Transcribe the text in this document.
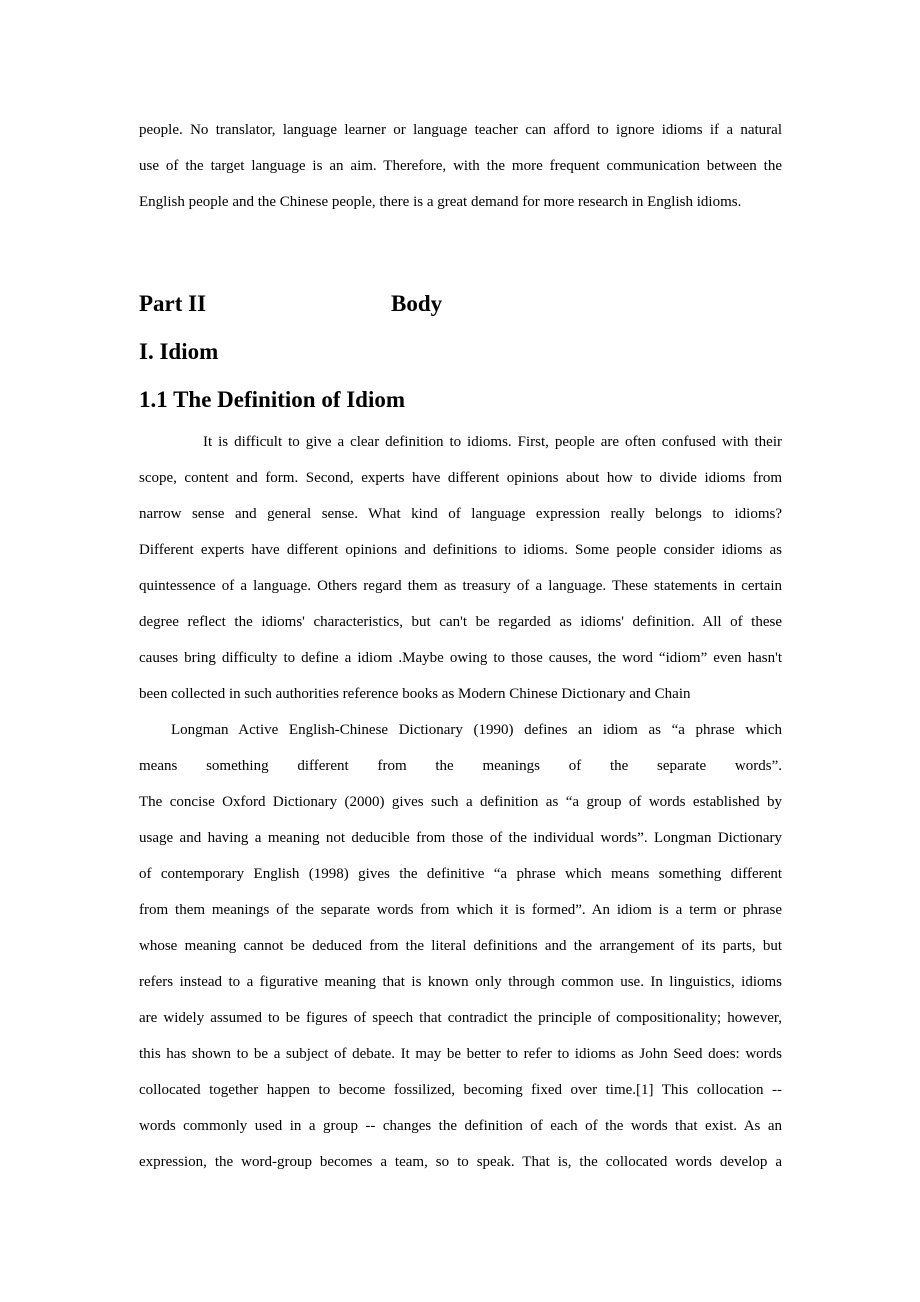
people. No translator, language learner or language teacher can afford to ignore idioms if a natural
use of the target language is an aim. Therefore, with the more frequent communication between the
English people and the Chinese people, there is a great demand for more research in English idioms.
Part II	Body
I. Idiom
1.1 The Definition of Idiom
It is difficult to give a clear definition to idioms. First, people are often confused with their
scope, content and form. Second, experts have different opinions about how to divide idioms from
narrow sense and general sense. What kind of language expression really belongs to idioms?
Different experts have different opinions and definitions to idioms. Some people consider idioms as
quintessence of a language. Others regard them as treasury of a language. These statements in certain
degree reflect the idioms' characteristics, but can't be regarded as idioms' definition. All of these
causes bring difficulty to define a idiom .Maybe owing to those causes, the word “idiom” even hasn't
been collected in such authorities reference books as Modern Chinese Dictionary and Chain
Longman Active English-Chinese Dictionary (1990) defines an idiom as “a phrase which
means something different from the meanings of the separate words”.
The concise Oxford Dictionary (2000) gives such a definition as “a group of words established by
usage and having a meaning not deducible from those of the individual words”. Longman Dictionary
of contemporary English (1998) gives the definitive “a phrase which means something different
from them meanings of the separate words from which it is formed”. An idiom is a term or phrase
whose meaning cannot be deduced from the literal definitions and the arrangement of its parts, but
refers instead to a figurative meaning that is known only through common use. In linguistics, idioms
are widely assumed to be figures of speech that contradict the principle of compositionality; however,
this has shown to be a subject of debate. It may be better to refer to idioms as John Seed does: words
collocated together happen to become fossilized, becoming fixed over time.[1] This collocation --
words commonly used in a group -- changes the definition of each of the words that exist. As an
expression, the word-group becomes a team, so to speak. That is, the collocated words develop a
